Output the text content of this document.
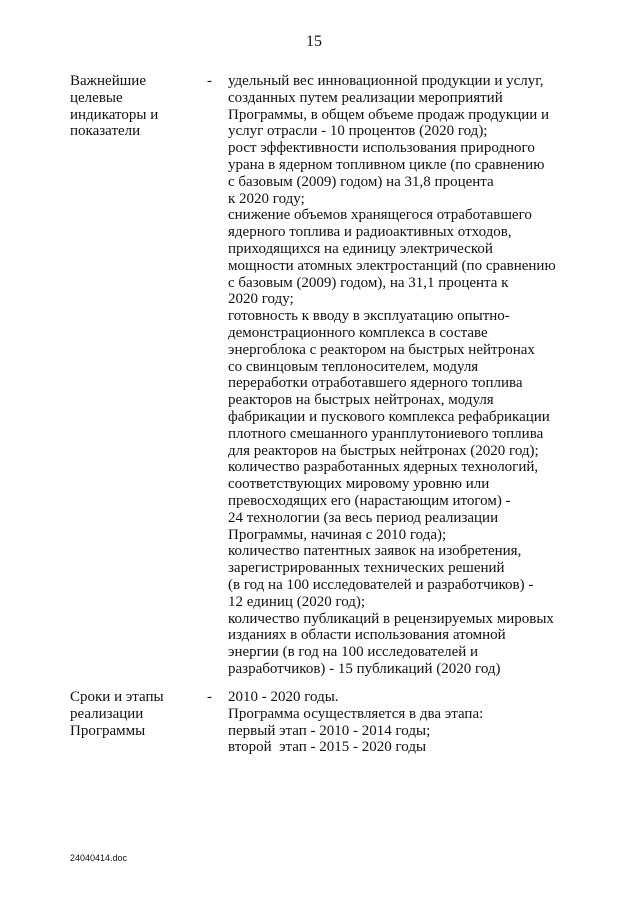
15
Важнейшие
целевые
индикаторы и
показатели
- удельный вес инновационной продукции и услуг,
созданных путем реализации мероприятий
Программы, в общем объеме продаж продукции и
услуг отрасли - 10 процентов (2020 год);
рост эффективности использования природного
урана в ядерном топливном цикле (по сравнению
с базовым (2009) годом) на 31,8 процента
к 2020 году;
снижение объемов хранящегося отработавшего
ядерного топлива и радиоактивных отходов,
приходящихся на единицу электрической
мощности атомных электростанций (по сравнению
с базовым (2009) годом), на 31,1 процента к
2020 году;
готовность к вводу в эксплуатацию опытно-
демонстрационного комплекса в составе
энергоблока с реактором на быстрых нейтронах
со свинцовым теплоносителем, модуля
переработки отработавшего ядерного топлива
реакторов на быстрых нейтронах, модуля
фабрикации и пускового комплекса рефабрикации
плотного смешанного уранплутониевого топлива
для реакторов на быстрых нейтронах (2020 год);
количество разработанных ядерных технологий,
соответствующих мировому уровню или
превосходящих его (нарастающим итогом) -
24 технологии (за весь период реализации
Программы, начиная с 2010 года);
количество патентных заявок на изобретения,
зарегистрированных технических решений
(в год на 100 исследователей и разработчиков) -
12 единиц (2020 год);
количество публикаций в рецензируемых мировых
изданиях в области использования атомной
энергии (в год на 100 исследователей и
разработчиков) - 15 публикаций (2020 год)
Сроки и этапы
реализации
Программы
- 2010 - 2020 годы.
Программа осуществляется в два этапа:
первый этап - 2010 - 2014 годы;
второй  этап - 2015 - 2020 годы
24040414.doc
